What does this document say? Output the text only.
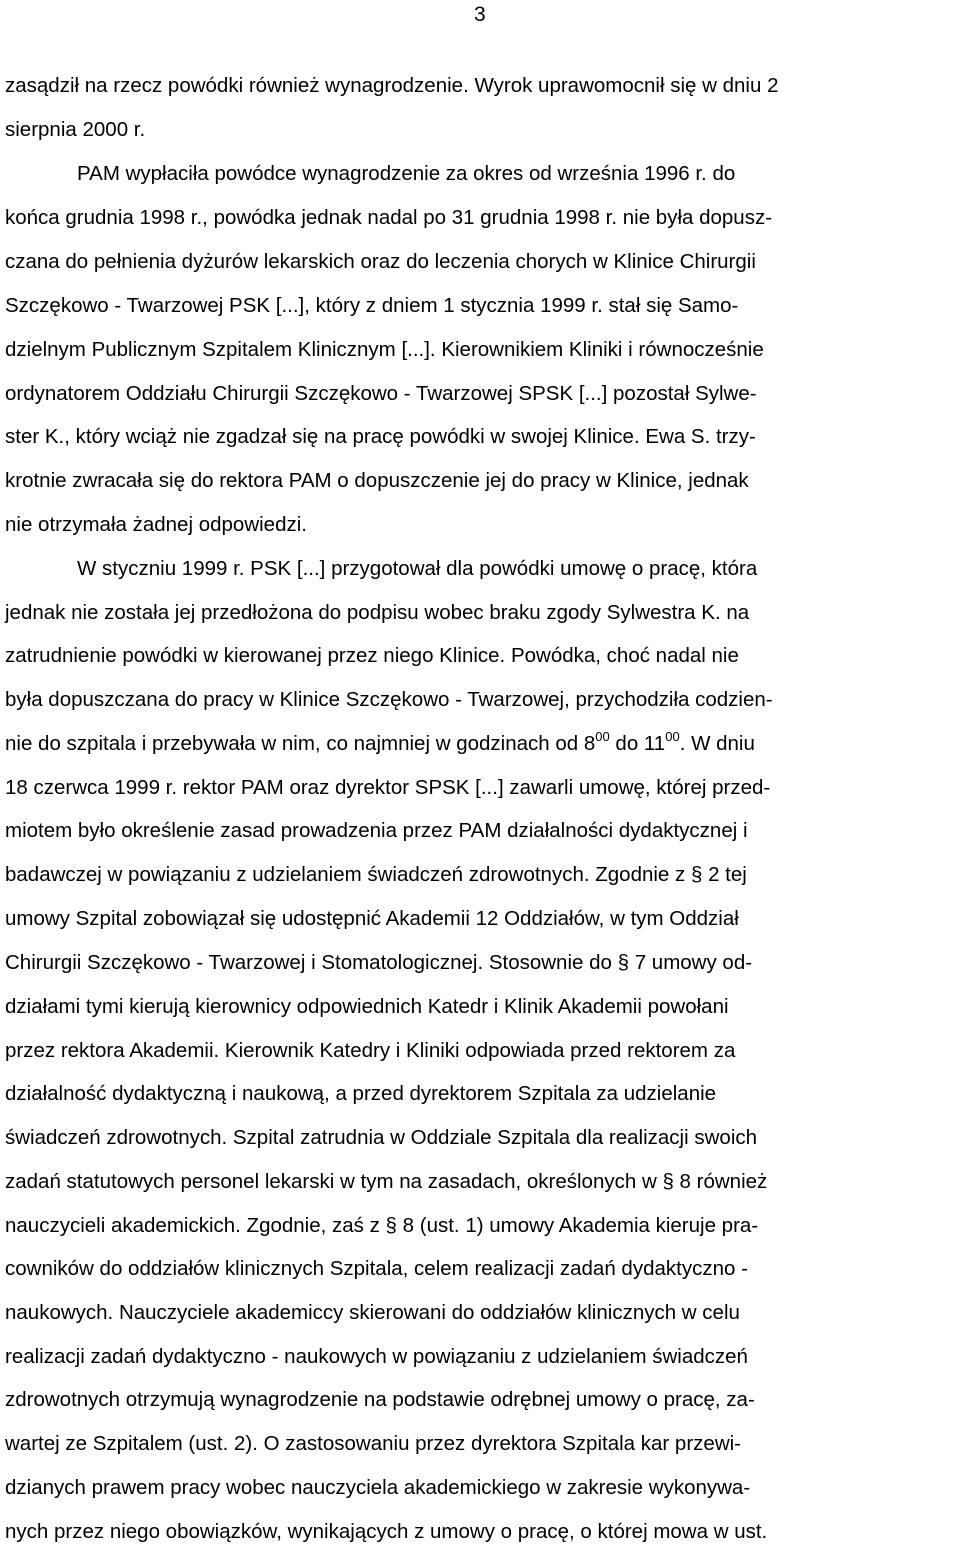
3
zasądził na rzecz powódki również wynagrodzenie. Wyrok uprawomocnił się w dniu 2
sierpnia 2000 r.
PAM wypłaciła powódce wynagrodzenie za okres od września 1996 r. do
końca grudnia 1998 r., powódka jednak nadal po 31 grudnia 1998 r. nie była dopusz-
czana do pełnienia dyżurów lekarskich oraz do leczenia chorych w Klinice Chirurgii
Szczękowo - Twarzowej PSK [...], który z dniem 1 stycznia 1999 r. stał się Samo-
dzielnym Publicznym Szpitalem Klinicznym [...]. Kierownikiem Kliniki i równocześnie
ordynatorem Oddziału Chirurgii Szczękowo - Twarzowej SPSK [...] pozostał Sylwe-
ster K., który wciąż nie zgadzał się na pracę powódki w swojej Klinice. Ewa S. trzy-
krotnie zwracała się do rektora PAM o dopuszczenie jej do pracy w Klinice, jednak
nie otrzymała żadnej odpowiedzi.
W styczniu 1999 r. PSK [...] przygotował dla powódki umowę o pracę, która
jednak nie została jej przedłożona do podpisu wobec braku zgody Sylwestra K. na
zatrudnienie powódki w kierowanej przez niego Klinice. Powódka, choć nadal nie
była dopuszczana do pracy w Klinice Szczękowo - Twarzowej, przychodziła codzien-
nie do szpitala i przebywała w nim, co najmniej w godzinach od $8^{00}$ do $11^{00}$. W dniu
18 czerwca 1999 r. rektor PAM oraz dyrektor SPSK [...] zawarli umowę, której przed-
miotem było określenie zasad prowadzenia przez PAM działalności dydaktycznej i
badawczej w powiązaniu z udzielaniem świadczeń zdrowotnych. Zgodnie z § 2 tej
umowy Szpital zobowiązał się udostępnić Akademii 12 Oddziałów, w tym Oddział
Chirurgii Szczękowo - Twarzowej i Stomatologicznej. Stosownie do § 7 umowy od-
działami tymi kierują kierownicy odpowiednich Katedr i Klinik Akademii powołani
przez rektora Akademii. Kierownik Katedry i Kliniki odpowiada przed rektorem za
działalność dydaktyczną i naukową, a przed dyrektorem Szpitala za udzielanie
świadczeń zdrowotnych. Szpital zatrudnia w Oddziale Szpitala dla realizacji swoich
zadań statutowych personel lekarski w tym na zasadach, określonych w § 8 również
nauczycieli akademickich. Zgodnie, zaś z § 8 (ust. 1) umowy Akademia kieruje pra-
cowników do oddziałów klinicznych Szpitala, celem realizacji zadań dydaktyczno -
naukowych. Nauczyciele akademiccy skierowani do oddziałów klinicznych w celu
realizacji zadań dydaktyczno - naukowych w powiązaniu z udzielaniem świadczeń
zdrowotnych otrzymują wynagrodzenie na podstawie odrębnej umowy o pracę, za-
wartej ze Szpitalem (ust. 2). O zastosowaniu przez dyrektora Szpitala kar przewi-
dzianych prawem pracy wobec nauczyciela akademickiego w zakresie wykonywa-
nych przez niego obowiązków, wynikających z umowy o pracę, o której mowa w ust.
